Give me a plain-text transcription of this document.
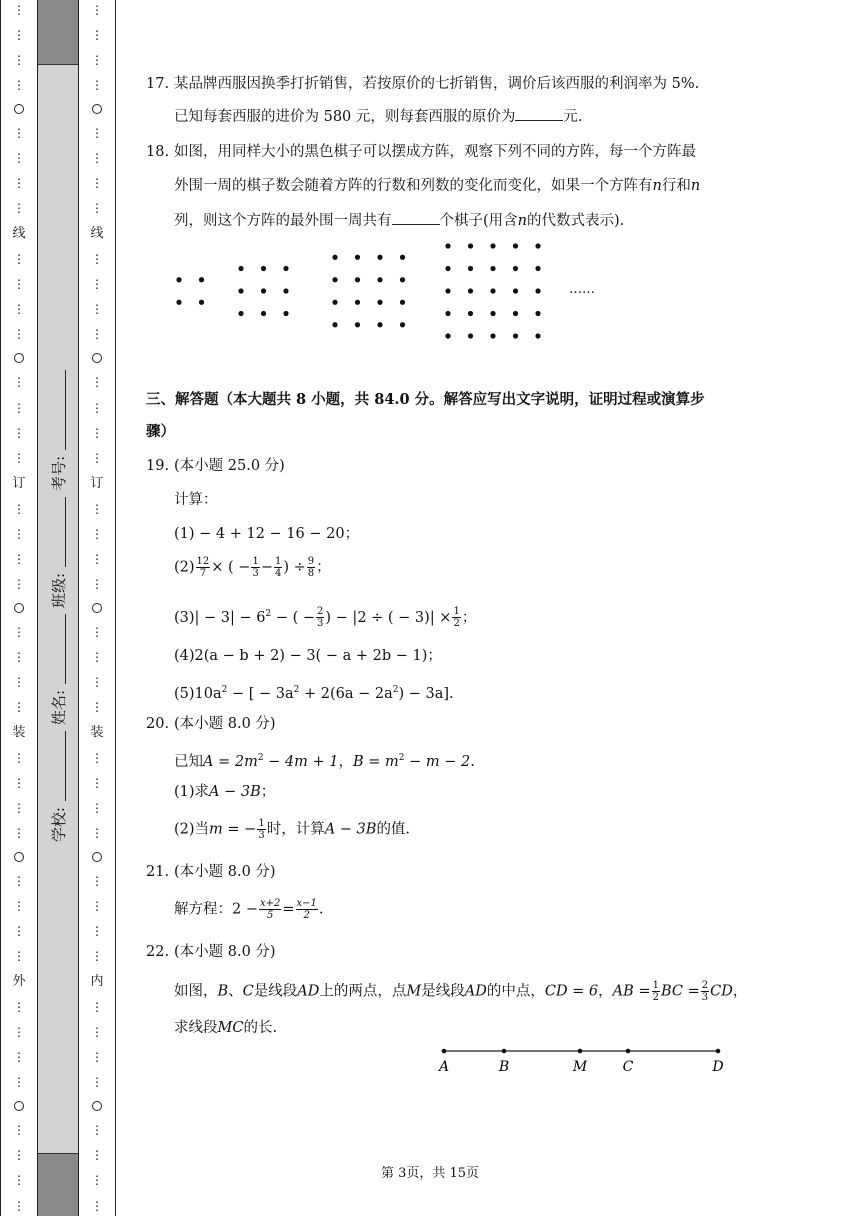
⋮
⋮
⋮
⋮
⋮
⋮
⋮
⋮
线
⋮
⋮
⋮
⋮
⋮
⋮
⋮
⋮
订
⋮
⋮
⋮
⋮
⋮
⋮
⋮
⋮
装
⋮
⋮
⋮
⋮
⋮
⋮
⋮
⋮
外
⋮
⋮
⋮
⋮
⋮
⋮
⋮
⋮
学校:
姓名:
班级:
考号:
⋮
⋮
⋮
⋮
⋮
⋮
⋮
⋮
线
⋮
⋮
⋮
⋮
⋮
⋮
⋮
⋮
订
⋮
⋮
⋮
⋮
⋮
⋮
⋮
⋮
装
⋮
⋮
⋮
⋮
⋮
⋮
⋮
⋮
内
⋮
⋮
⋮
⋮
⋮
⋮
⋮
⋮
17. 某品牌西服因换季打折销售，若按原价的七折销售，调价后该西服的利润率为 5%.
已知每套西服的进价为 580 元，则每套西服的原价为	元.
18. 如图，用同样大小的黑色棋子可以摆成方阵，观察下列不同的方阵，每一个方阵最
外围一周的棋子数会随着方阵的行数和列数的变化而变化，如果一个方阵有n行和n
列，则这个方阵的最外围一周共有	个棋子(用含n的代数式表示).
……
三、解答题（本大题共 8 小题，共 84.0 分。解答应写出文字说明，证明过程或演算步
骤）
19. (本小题 25.0 分)
计算：
(1) − 4 + 12 − 16 − 20；
$(2) \frac{12}{7}$ × ( − $\frac{1}{3} - \frac{1}{4}$ ) ÷ $\frac{9}{8}$ ；
$(3)| - 3| - 6^2$ − ( − $\frac{2}{3}$ ) − |2 ÷ ( − $3)| \times \frac{1}{2}$ ；
(4)2(a − b + 2) − 3( − a + 2b − 1)；
$(5)10a^2$ − [ − $3a^2 + 2(6a - 2a^2) - 3a$].
20. (本小题 8.0 分)
已知$A = 2m^2 - 4m + 1$，$B = m^2 - m - 2$.
(1)求A − 3B；
(2)当m = − $\frac{1}{3}$ 时，计算A − 3B的值.
21. (本小题 8.0 分)
解方程：$2 - \frac{x+2}{5} = \frac{x-1}{2}$ .
22. (本小题 8.0 分)
如图，B、C是线段AD上的两点，点M是线段AD的中点，CD = 6，AB = $\frac{1}{2}$ BC = $\frac{2}{3}$ CD，
求线段MC的长.
A	B	M	C	D
第 3页，共 15页
